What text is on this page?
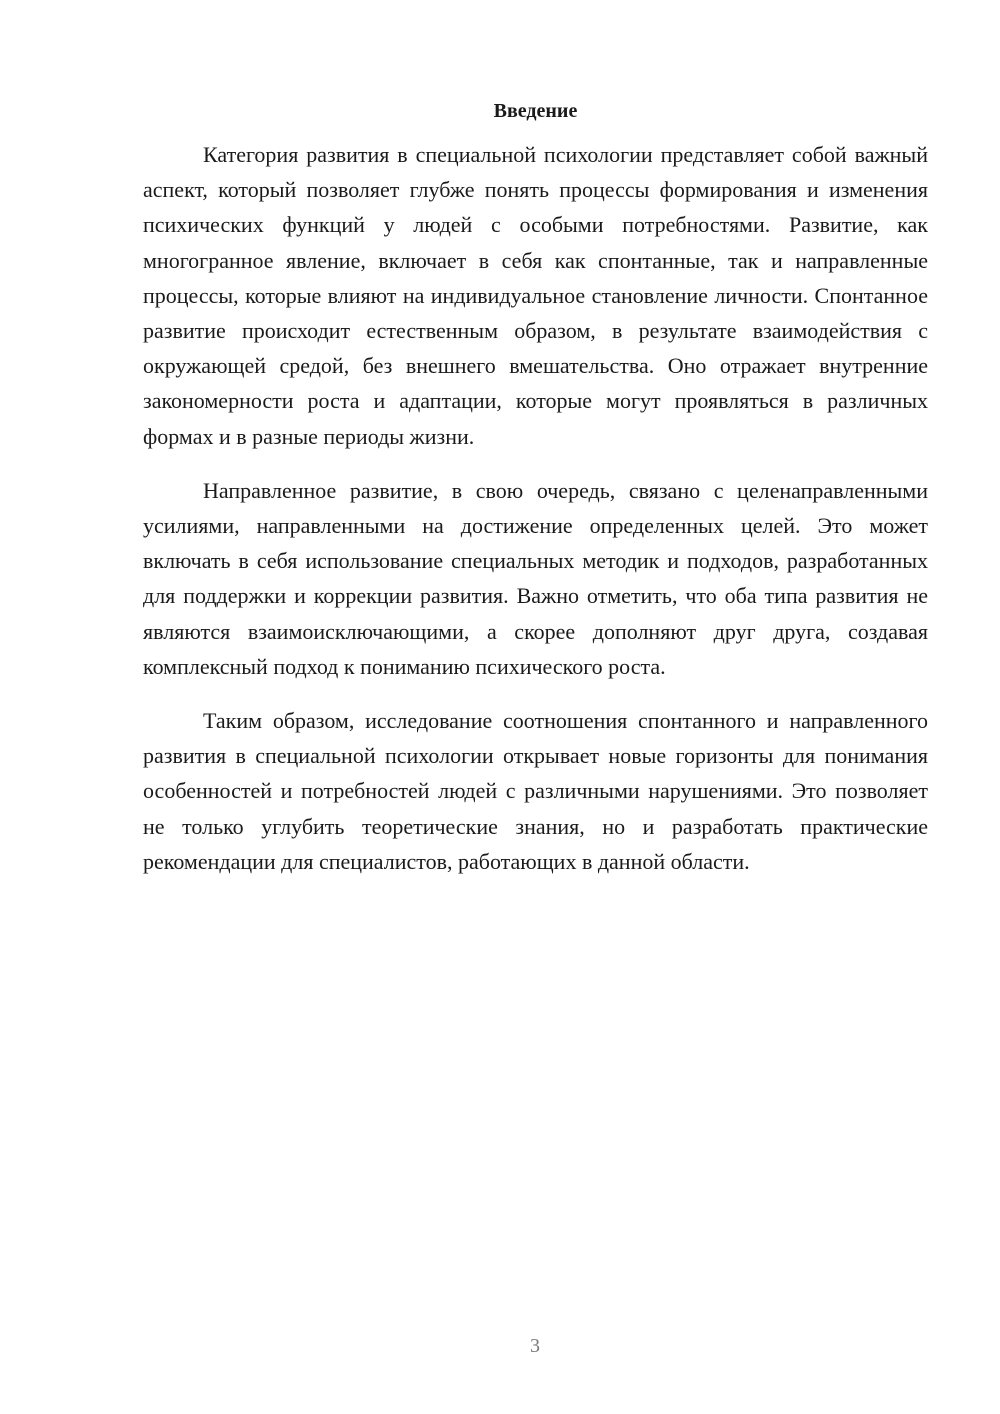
Введение

Категория развития в специальной психологии представляет собой важный аспект, который позволяет глубже понять процессы формирования и изменения психических функций у людей с особыми потребностями. Развитие, как многогранное явление, включает в себя как спонтанные, так и направленные процессы, которые влияют на индивидуальное становление личности. Спонтанное развитие происходит естественным образом, в результате взаимодействия с окружающей средой, без внешнего вмешательства. Оно отражает внутренние закономерности роста и адаптации, которые могут проявляться в различных формах и в разные периоды жизни.

Направленное развитие, в свою очередь, связано с целенаправленными усилиями, направленными на достижение определенных целей. Это может включать в себя использование специальных методик и подходов, разработанных для поддержки и коррекции развития. Важно отметить, что оба типа развития не являются взаимоисключающими, а скорее дополняют друг друга, создавая комплексный подход к пониманию психического роста.

Таким образом, исследование соотношения спонтанного и направленного развития в специальной психологии открывает новые горизонты для понимания особенностей и потребностей людей с различными нарушениями. Это позволяет не только углубить теоретические знания, но и разработать практические рекомендации для специалистов, работающих в данной области.

3
